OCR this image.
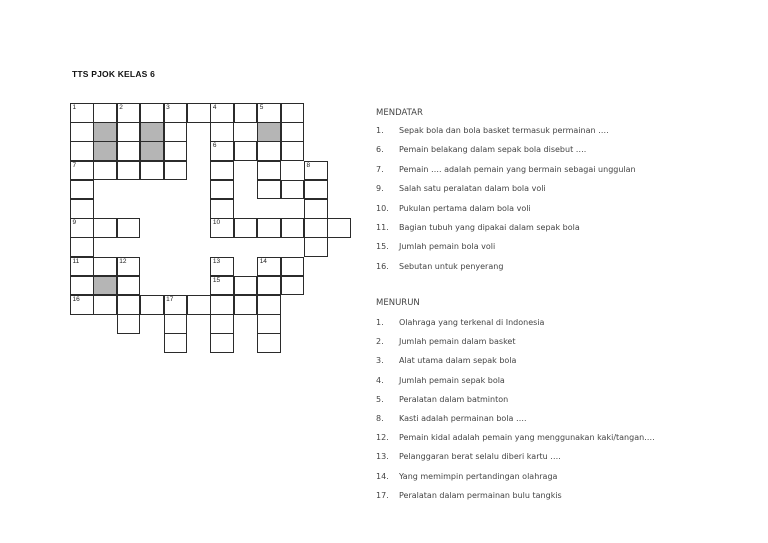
TTS PJOK KELAS 6
1	2	3	4	5
6
7	8
9	10
11	12	13	14
15
16	17
MENDATAR
1. Sepak bola dan bola basket termasuk permainan ….
6. Pemain belakang dalam sepak bola disebut ….
7. Pemain …. adalah pemain yang bermain sebagai unggulan
9. Salah satu peralatan dalam bola voli
10. Pukulan pertama dalam bola voli
11. Bagian tubuh yang dipakai dalam sepak bola
15. Jumlah pemain bola voli
16. Sebutan untuk penyerang
MENURUN
1. Olahraga yang terkenal di Indonesia
2. Jumlah pemain dalam basket
3. Alat utama dalam sepak bola
4. Jumlah pemain sepak bola
5. Peralatan dalam batminton
8. Kasti adalah permainan bola ….
12. Pemain kidal adalah pemain yang menggunakan kaki/tangan….
13. Pelanggaran berat selalu diberi kartu ….
14. Yang memimpin pertandingan olahraga
17. Peralatan dalam permainan bulu tangkis
